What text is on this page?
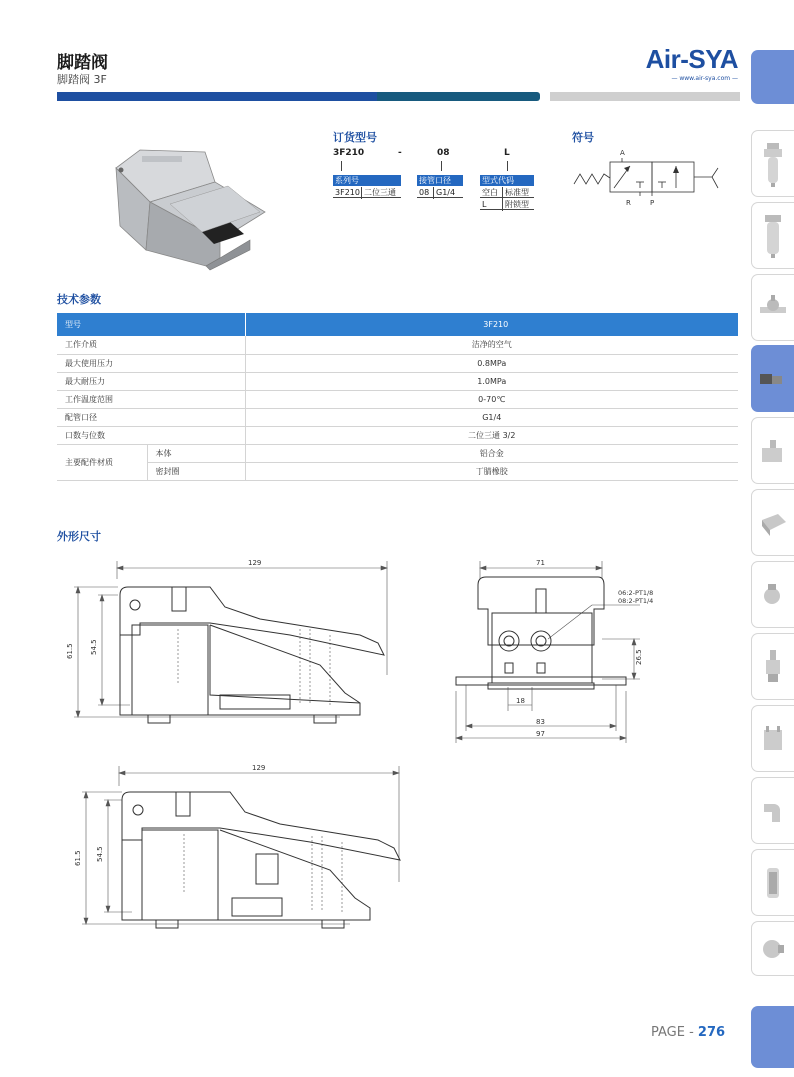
脚踏阀
脚踏阀 3F
Air-SYA
— www.air-sya.com —
订货型号
3F210	-	08	L
系列号
3F210 二位三通
接管口径
08 G1/4
型式代码
空白 标准型
L	附锁型
符号
A
R	P
技术参数
型号		3F210
工作介质		洁净的空气
最大使用压力		0.8MPa
最大耐压力		1.0MPa
工作温度范围		0-70℃
配管口径		G1/4
口数与位数		二位三通 3/2
主要配件材质	本体	铝合金
	密封圈	丁腈橡胶
外形尺寸
129
61.5 54.5
71
06:2-PT1/8
08:2-PT1/4
26.5
18
83
97
129
61.5 54.5
PAGE - 276
